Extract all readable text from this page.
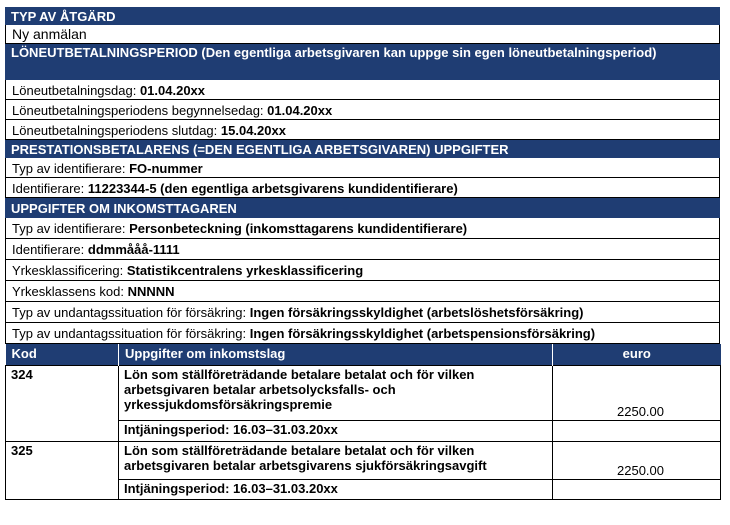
TYP AV ÅTGÄRD
Ny anmälan
LÖNEUTBETALNINGSPERIOD (Den egentliga arbetsgivaren kan uppge sin egen löneutbetalningsperiod)
Löneutbetalningsdag: 01.04.20xx
Löneutbetalningsperiodens begynnelsedag: 01.04.20xx
Löneutbetalningsperiodens slutdag: 15.04.20xx
PRESTATIONSBETALARENS (=DEN EGENTLIGA ARBETSGIVAREN) UPPGIFTER
Typ av identifierare: FO-nummer
Identifierare: 11223344-5 (den egentliga arbetsgivarens kundidentifierare)
UPPGIFTER OM INKOMSTTAGAREN
Typ av identifierare: Personbeteckning (inkomsttagarens kundidentifierare)
Identifierare: ddmmååå-1111
Yrkesklassificering: Statistikcentralens yrkesklassificering
Yrkesklassens kod: NNNNN
Typ av undantagssituation för försäkring: Ingen försäkringsskyldighet (arbetslöshetsförsäkring)
Typ av undantagssituation för försäkring: Ingen försäkringsskyldighet (arbetspensionsförsäkring)
Kod	Uppgifter om inkomstslag	euro
324	Lön som ställföreträdande betalare betalat och för vilken arbetsgivaren betalar arbetsolycksfalls- och yrkessjukdomsförsäkringspremie	2250.00
	Intjäningsperiod: 16.03–31.03.20xx	
325	Lön som ställföreträdande betalare betalat och för vilken arbetsgivaren betalar arbetsgivarens sjukförsäkringsavgift	2250.00
	Intjäningsperiod: 16.03–31.03.20xx	
